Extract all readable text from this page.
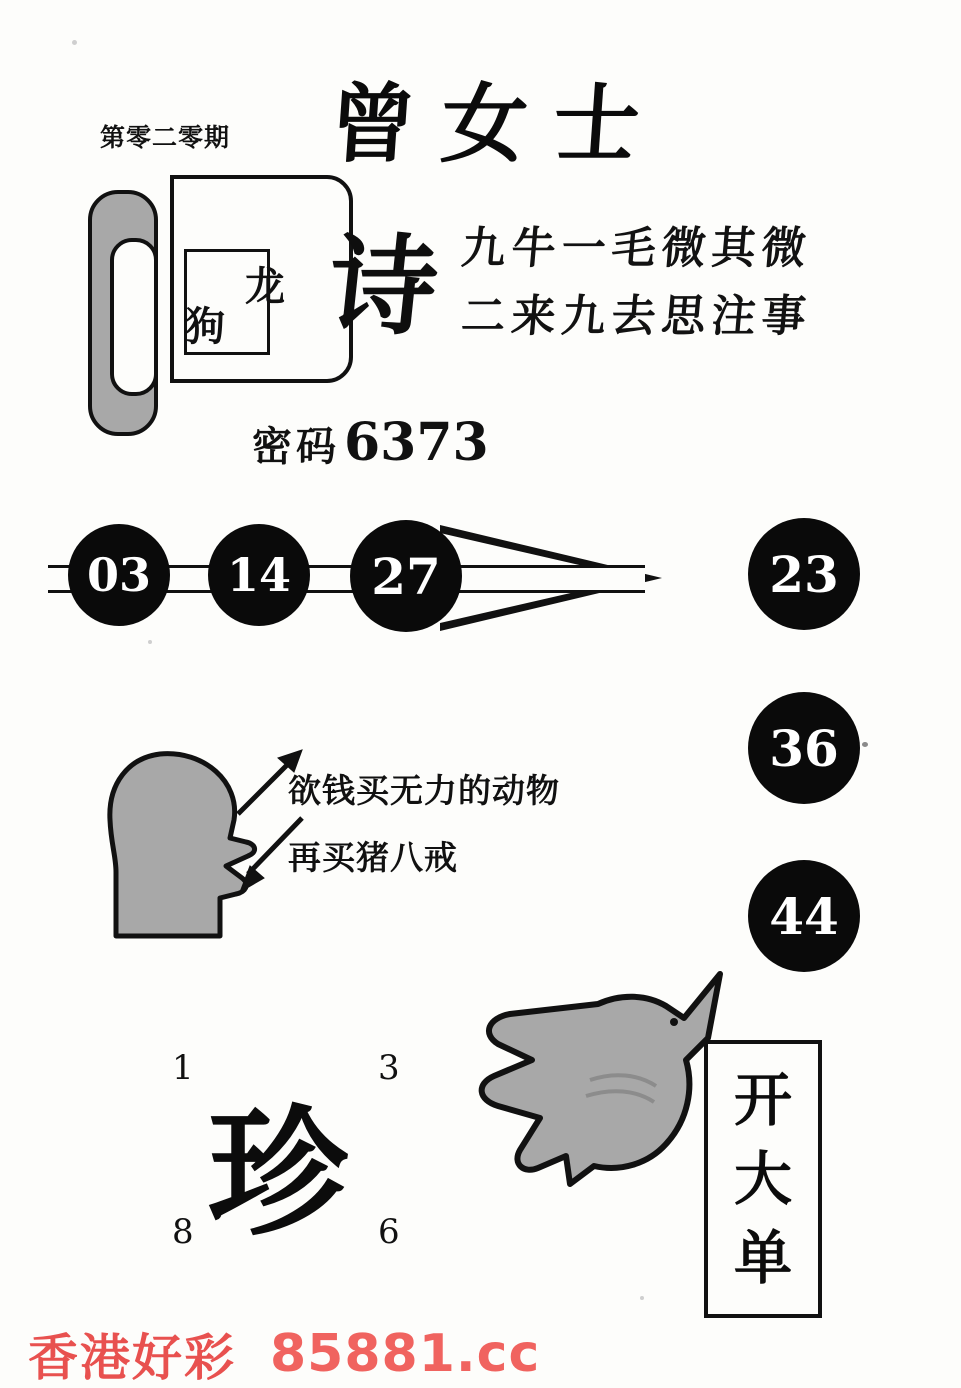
第零二零期 曾女士
龙
狗 诗 九牛一毛微其微
二来九去思注事
密码 6373
03	14	27	23
36
44
欲钱买无力的动物
再买猪八戒
1	3
8	6
珍	开
大
单
香港好彩 85881.cc
